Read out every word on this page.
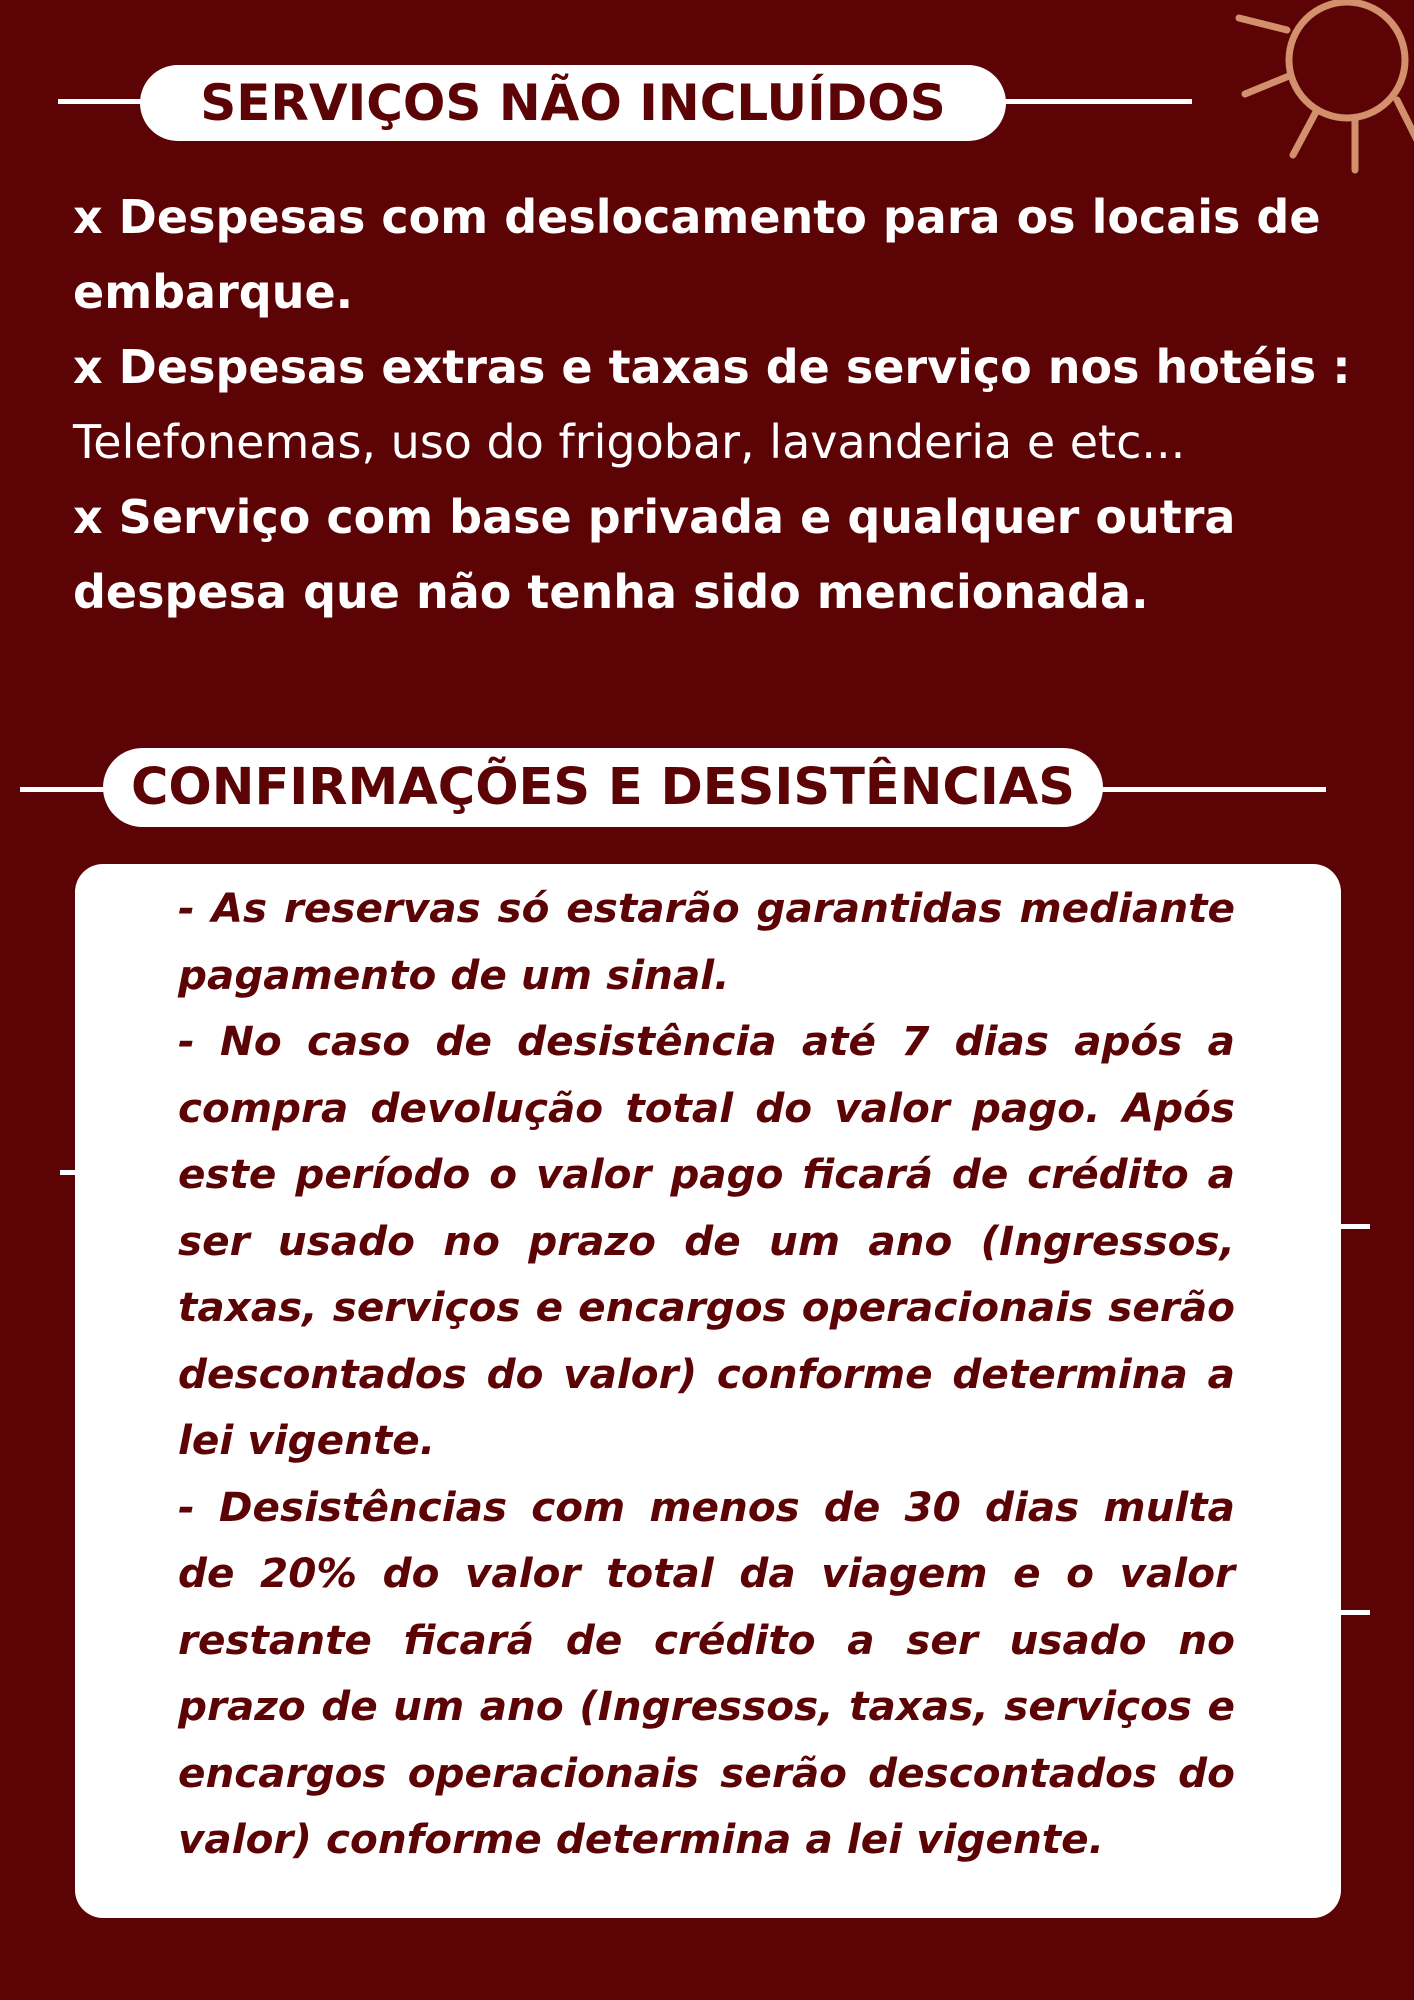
SERVIÇOS NÃO INCLUÍDOS

x Despesas com deslocamento para os locais de embarque.

x Despesas extras e taxas de serviço nos hotéis : Telefonemas, uso do frigobar, lavanderia e etc...

x Serviço com base privada e qualquer outra despesa que não tenha sido mencionada.

CONFIRMAÇÕES E DESISTÊNCIAS

- As reservas só estarão garantidas mediante pagamento de um sinal.

- No caso de desistência até 7 dias após a compra devolução total do valor pago. Após este período o valor pago ficará de crédito a ser usado no prazo de um ano (Ingressos, taxas, serviços e encargos operacionais serão descontados do valor) conforme determina a lei vigente.

- Desistências com menos de 30 dias multa de 20% do valor total da viagem e o valor restante ficará de crédito a ser usado no prazo de um ano (Ingressos, taxas, serviços e encargos operacionais serão descontados do valor) conforme determina a lei vigente.
